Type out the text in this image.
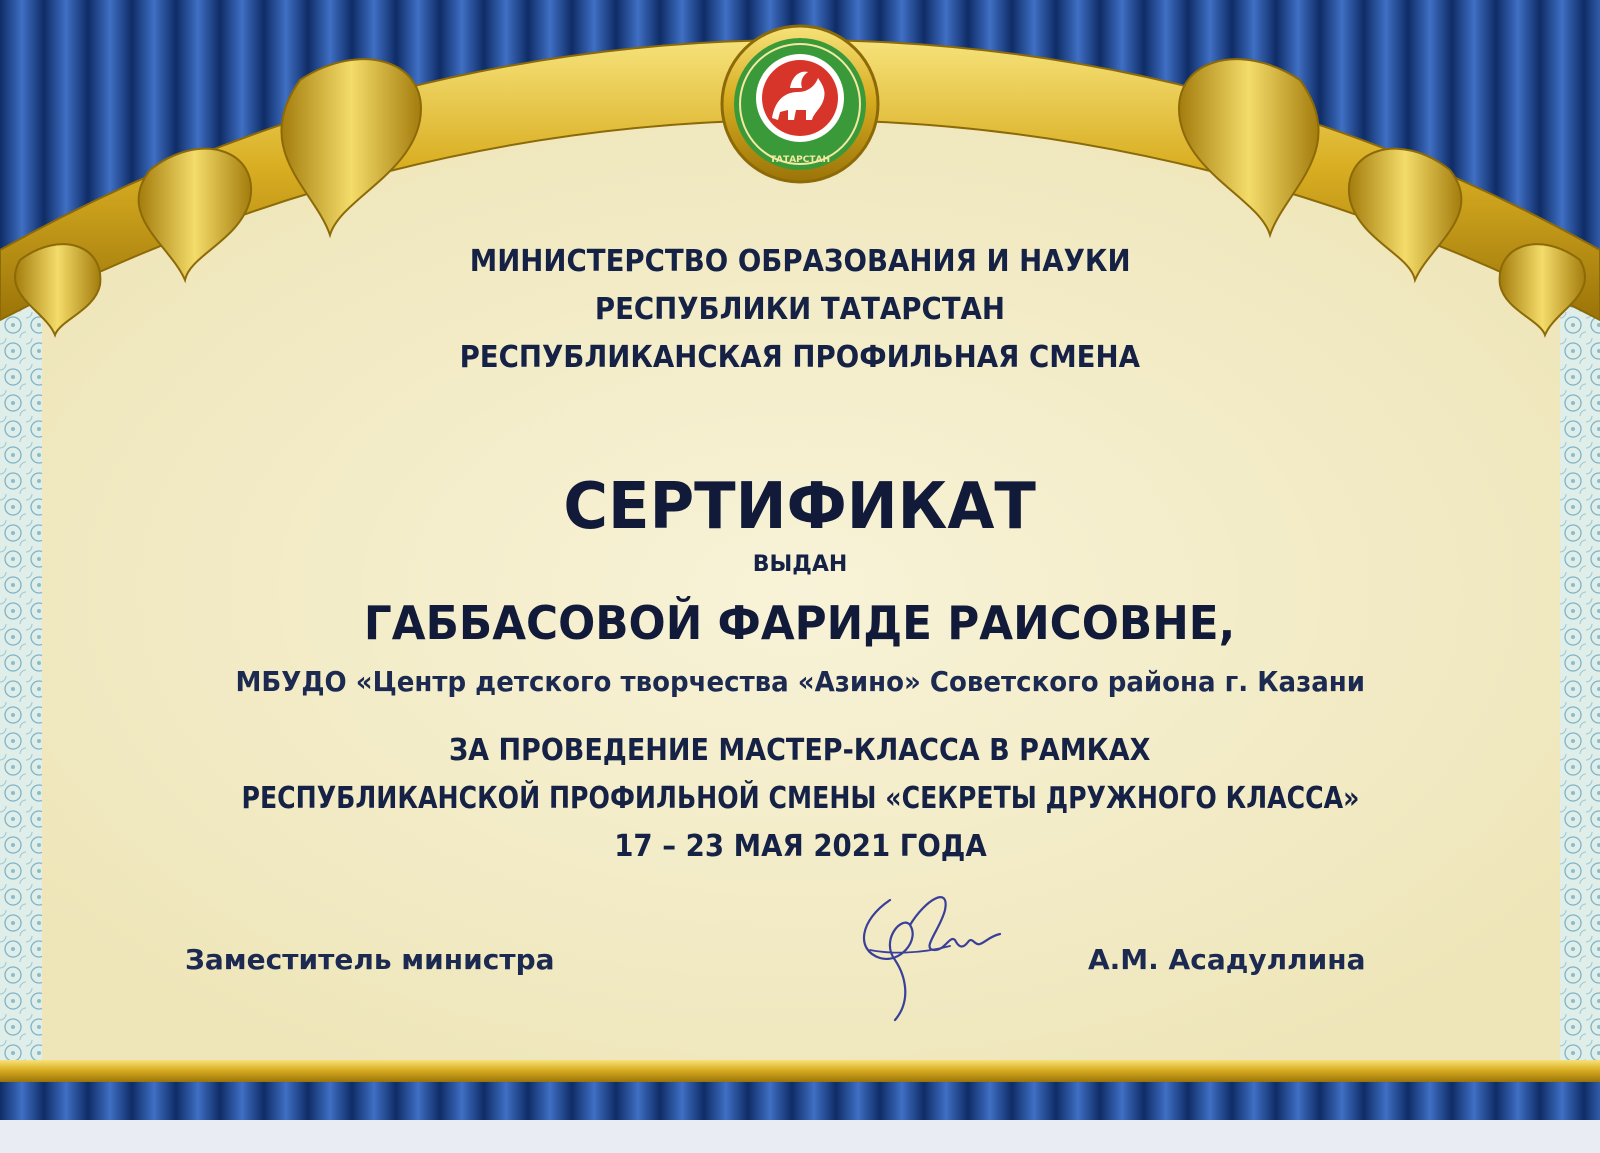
ТАТАРСТАН
МИНИСТЕРСТВО ОБРАЗОВАНИЯ И НАУКИ
РЕСПУБЛИКИ ТАТАРСТАН
РЕСПУБЛИКАНСКАЯ ПРОФИЛЬНАЯ СМЕНА
«СЕКРЕТЫ ДРУЖНОГО КЛАССА»
СЕРТИФИКАТ
ВЫДАН
ГАББАСОВОЙ ФАРИДЕ РАИСОВНЕ,
МБУДО «Центр детского творчества «Азино» Советского района г. Казани
ЗА ПРОВЕДЕНИЕ МАСТЕР-КЛАССА В РАМКАХ
РЕСПУБЛИКАНСКОЙ ПРОФИЛЬНОЙ СМЕНЫ «СЕКРЕТЫ ДРУЖНОГО КЛАССА»
17 – 23 МАЯ 2021 ГОДА
Заместитель министра	А.М. Асадуллина
